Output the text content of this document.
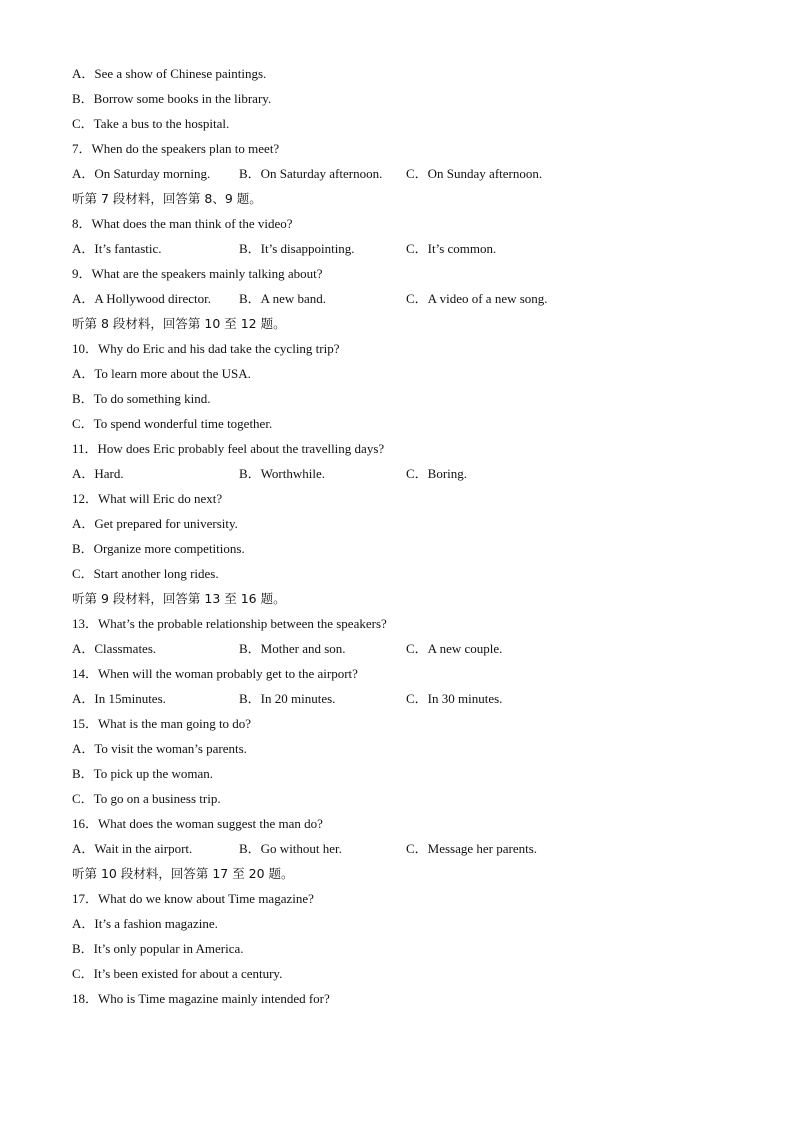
A．See a show of Chinese paintings.
B．Borrow some books in the library.
C．Take a bus to the hospital.
7．When do the speakers plan to meet?
A．On Saturday morning. B．On Saturday afternoon. C．On Sunday afternoon.
听第 7 段材料，回答第 8、9 题。
8．What does the man think of the video?
A．It’s fantastic.	B．It’s disappointing.	C．It’s common.
9．What are the speakers mainly talking about?
A．A Hollywood director. B．A new band.	C．A video of a new song.
听第 8 段材料，回答第 10 至 12 题。
10．Why do Eric and his dad take the cycling trip?
A．To learn more about the USA.
B．To do something kind.
C．To spend wonderful time together.
11．How does Eric probably feel about the travelling days?
A．Hard.	B．Worthwhile.	C．Boring.
12．What will Eric do next?
A．Get prepared for university.
B．Organize more competitions.
C．Start another long rides.
听第 9 段材料，回答第 13 至 16 题。
13．What’s the probable relationship between the speakers?
A．Classmates.	B．Mother and son.	C．A new couple.
14．When will the woman probably get to the airport?
A．In 15minutes.	B．In 20 minutes.	C．In 30 minutes.
15．What is the man going to do?
A．To visit the woman’s parents.
B．To pick up the woman.
C．To go on a business trip.
16．What does the woman suggest the man do?
A．Wait in the airport.	B．Go without her.	C．Message her parents.
听第 10 段材料，回答第 17 至 20 题。
17．What do we know about Time magazine?
A．It’s a fashion magazine.
B．It’s only popular in America.
C．It’s been existed for about a century.
18．Who is Time magazine mainly intended for?
